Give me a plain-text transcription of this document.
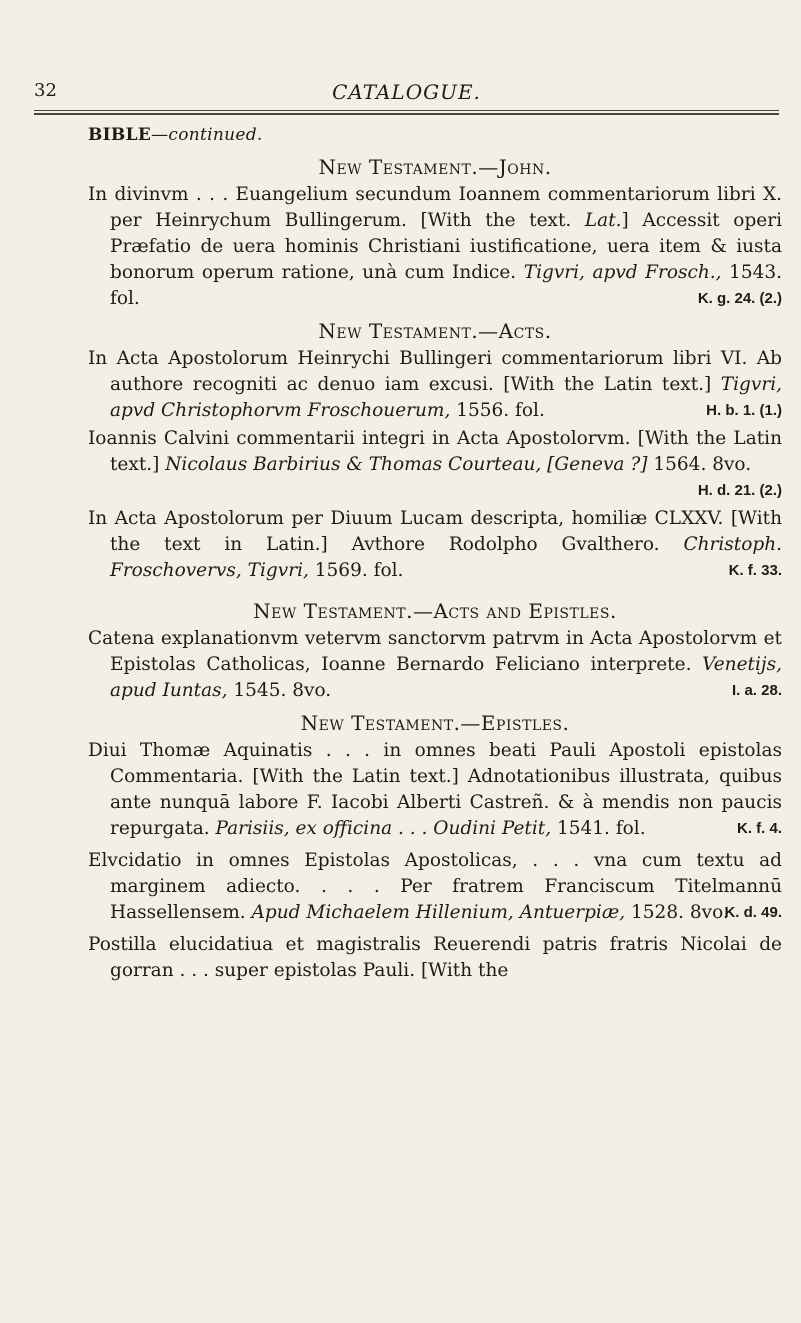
32	CATALOGUE.
BIBLE—continued.
New Testament.—John.
In divinvm . . . Euangelium secundum Ioannem commentariorum libri X. per Heinrychum Bullingerum. [With the text. Lat.] Accessit operi Præfatio de uera hominis Christiani iustificatione, uera item & iusta bonorum operum ratione, unà cum Indice. Tigvri, apvd Frosch., 1543. fol.	K. g. 24. (2.)
New Testament.—Acts.
In Acta Apostolorum Heinrychi Bullingeri commentariorum libri VI. Ab authore recogniti ac denuo iam excusi. [With the Latin text.] Tigvri, apvd Christophorvm Froschouerum, 1556. fol.	H. b. 1. (1.)
Ioannis Calvini commentarii integri in Acta Apostolorvm. [With the Latin text.] Nicolaus Barbirius & Thomas Courteau, [Geneva ?] 1564. 8vo.
H. d. 21. (2.)
In Acta Apostolorum per Diuum Lucam descripta, homiliæ CLXXV. [With the text in Latin.] Avthore Rodolpho Gvalthero. Christoph. Froschovervs, Tigvri, 1569. fol.	K. f. 33.
New Testament.—Acts and Epistles.
Catena explanationvm vetervm sanctorvm patrvm in Acta Apostolorvm et Epistolas Catholicas, Ioanne Bernardo Feliciano interprete. Venetijs, apud Iuntas, 1545. 8vo.	I. a. 28.
New Testament.—Epistles.
Diui Thomæ Aquinatis . . . in omnes beati Pauli Apostoli epistolas Commentaria. [With the Latin text.] Adnotationibus illustrata, quibus ante nunquā labore F. Iacobi Alberti Castreñ. & à mendis non paucis repurgata. Parisiis, ex officina . . . Oudini Petit, 1541. fol.	K. f. 4.
Elvcidatio in omnes Epistolas Apostolicas, . . . vna cum textu ad marginem adiecto. . . . Per fratrem Franciscum Titelmannū Hassellensem. Apud Michaelem Hillenium, Antuerpiæ, 1528. 8vo.
K. d. 49.
Postilla elucidatiua et magistralis Reuerendi patris fratris Nicolai de gorran . . . super epistolas Pauli. [With the
